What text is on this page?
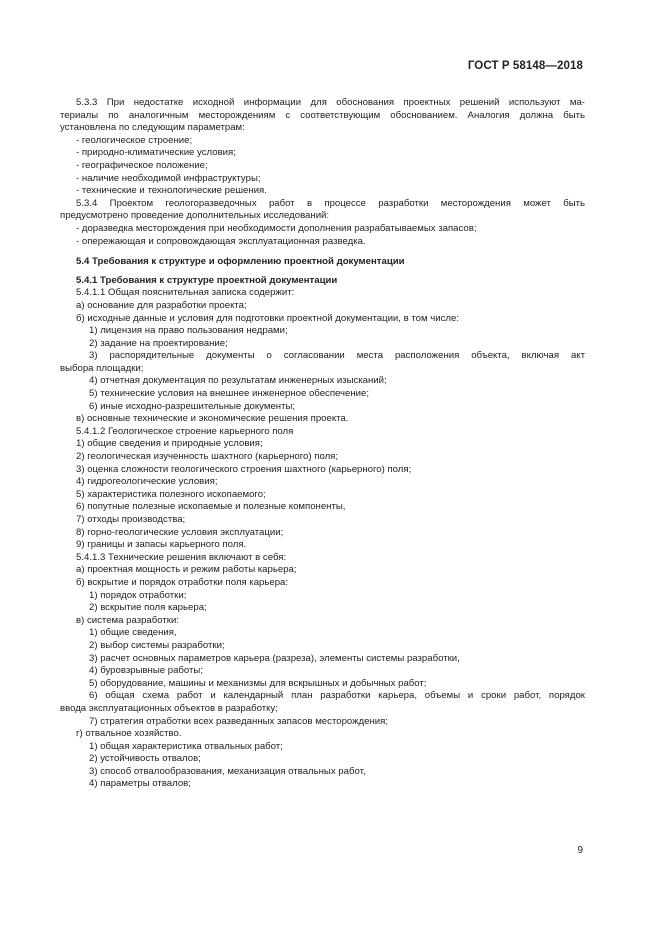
ГОСТ Р 58148—2018
5.3.3 При недостатке исходной информации для обоснования проектных решений используют ма-
териалы по аналогичным месторождениям с соответствующим обоснованием. Аналогия должна быть
установлена по следующим параметрам:
- геологическое строение;
- природно-климатические условия;
- географическое положение;
- наличие необходимой инфраструктуры;
- технические и технологические решения.
5.3.4 Проектом геологоразведочных работ в процессе разработки месторождения может быть
предусмотрено проведение дополнительных исследований:
- доразведка месторождения при необходимости дополнения разрабатываемых запасов;
- опережающая и сопровождающая эксплуатационная разведка.
5.4 Требования к структуре и оформлению проектной документации
5.4.1 Требования к структуре проектной документации
5.4.1.1 Общая пояснительная записка содержит:
а) основание для разработки проекта;
б) исходные данные и условия для подготовки проектной документации, в том числе:
1) лицензия на право пользования недрами;
2) задание на проектирование;
3) распорядительные документы о согласовании места расположения объекта, включая акт
выбора площадки;
4) отчетная документация по результатам инженерных изысканий;
5) технические условия на внешнее инженерное обеспечение;
6) иные исходно-разрешительные документы;
в) основные технические и экономические решения проекта.
5.4.1.2 Геологическое строение карьерного поля
1) общие сведения и природные условия;
2) геологическая изученность шахтного (карьерного) поля;
3) оценка сложности геологического строения шахтного (карьерного) поля;
4) гидрогеологические условия;
5) характеристика полезного ископаемого;
6) попутные полезные ископаемые и полезные компоненты,
7) отходы производства;
8) горно-геологические условия эксплуатации;
9) границы и запасы карьерного поля.
5.4.1.3 Технические решения включают в себя:
а) проектная мощность и режим работы карьера;
б) вскрытие и порядок отработки поля карьера:
1) порядок отработки;
2) вскрытие поля карьера;
в) система разработки:
1) общие сведения,
2) выбор системы разработки;
3) расчет основных параметров карьера (разреза), элементы системы разработки,
4) буровзрывные работы;
5) оборудование, машины и механизмы для вскрышных и добычных работ;
6) общая схема работ и календарный план разработки карьера, объемы и сроки работ, порядок
ввода эксплуатационных объектов в разработку;
7) стратегия отработки всех разведанных запасов месторождения;
г) отвальное хозяйство.
1) общая характеристика отвальных работ;
2) устойчивость отвалов;
3) способ отвалообразования, механизация отвальных работ,
4) параметры отвалов;
9
